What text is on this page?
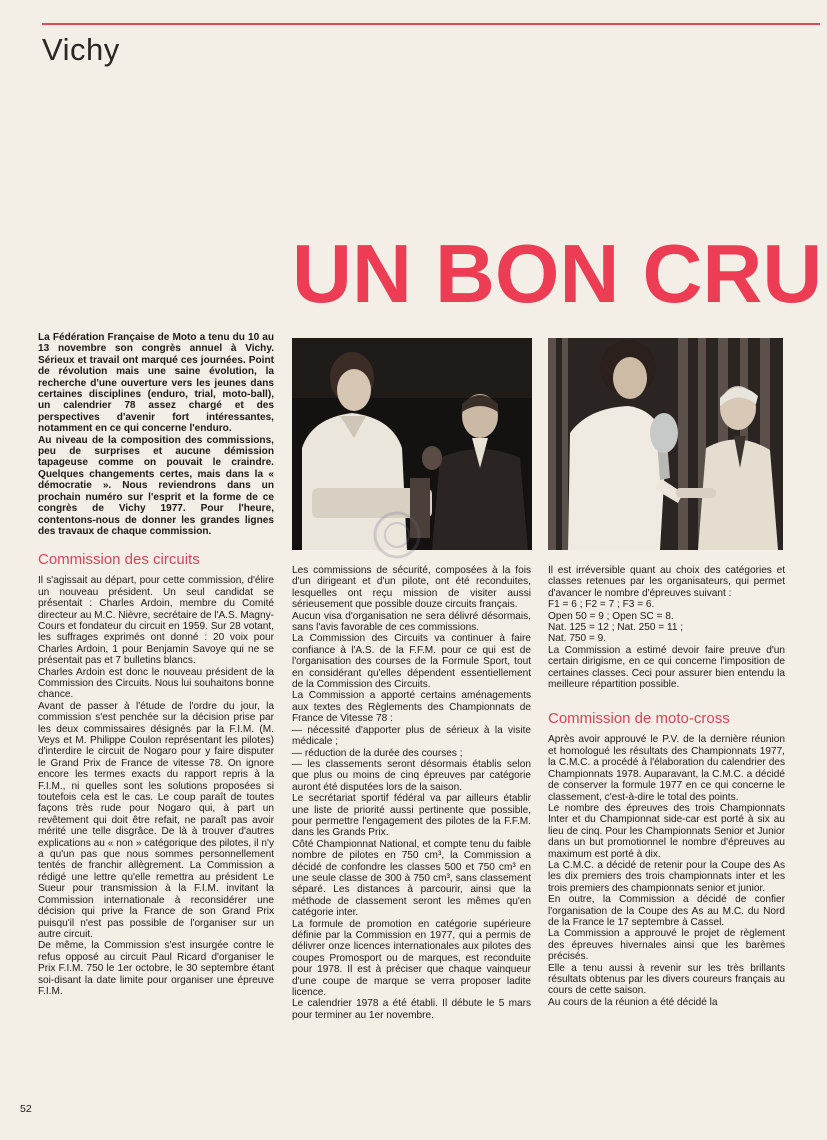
Vichy
UN BON CRU

La Fédération Française de Moto a tenu du 10 au 13 novembre son congrès annuel à Vichy. Sérieux et travail ont marqué ces journées. Point de révolution mais une saine évolution, la recherche d'une ouverture vers les jeunes dans certaines disciplines (enduro, trial, moto-ball), un calendrier 78 assez chargé et des perspectives d'avenir fort intéressantes, notamment en ce qui concerne l'enduro.

Au niveau de la composition des commissions, peu de surprises et aucune démission tapageuse comme on pouvait le craindre. Quelques changements certes, mais dans la « démocratie ». Nous reviendrons dans un prochain numéro sur l'esprit et la forme de ce congrès de Vichy 1977. Pour l'heure, contentons-nous de donner les grandes lignes des travaux de chaque commission.

Commission des circuits

Il s'agissait au départ, pour cette commission, d'élire un nouveau président. Un seul candidat se présentait : Charles Ardoin, membre du Comité directeur au M.C. Nièvre, secrétaire de l'A.S. Magny-Cours et fondateur du circuit en 1959. Sur 28 votant, les suffrages exprimés ont donné : 20 voix pour Charles Ardoin, 1 pour Benjamin Savoye qui ne se présentait pas et 7 bulletins blancs.

Charles Ardoin est donc le nouveau président de la Commission des Circuits. Nous lui souhaitons bonne chance.

Avant de passer à l'étude de l'ordre du jour, la commission s'est penchée sur la décision prise par les deux commissaires désignés par la F.I.M. (M. Veys et M. Philippe Coulon représentant les pilotes) d'interdire le circuit de Nogaro pour y faire disputer le Grand Prix de France de vitesse 78. On ignore encore les termes exacts du rapport repris à la F.I.M., ni quelles sont les solutions proposées si toutefois cela est le cas. Le coup paraît de toutes façons très rude pour Nogaro qui, à part un revêtement qui doit être refait, ne paraît pas avoir mérité une telle disgrâce. De là à trouver d'autres explications au « non » catégorique des pilotes, il n'y a qu'un pas que nous sommes personnellement tentés de franchir allègrement. La Commission a rédigé une lettre qu'elle remettra au président Le Sueur pour transmission à la F.I.M. invitant la Commission internationale à reconsidérer une décision qui prive la France de son Grand Prix puisqu'il n'est pas possible de l'organiser sur un autre circuit.

De même, la Commission s'est insurgée contre le refus opposé au circuit Paul Ricard d'organiser le Prix F.I.M. 750 le 1er octobre, le 30 septembre étant soi-disant la date limite pour organiser une épreuve F.I.M.

Les commissions de sécurité, composées à la fois d'un dirigeant et d'un pilote, ont été reconduites, lesquelles ont reçu mission de visiter aussi sérieusement que possible douze circuits français.

Aucun visa d'organisation ne sera délivré désormais, sans l'avis favorable de ces commissions.

La Commission des Circuits va continuer à faire confiance à l'A.S. de la F.F.M. pour ce qui est de l'organisation des courses de la Formule Sport, tout en considérant qu'elles dépendent essentiellement de la Commission des Circuits.

La Commission a apporté certains aménagements aux textes des Règlements des Championnats de France de Vitesse 78 :

— nécessité d'apporter plus de sérieux à la visite médicale ;

— réduction de la durée des courses ;

— les classements seront désormais établis selon que plus ou moins de cinq épreuves par catégorie auront été disputées lors de la saison.

Le secrétariat sportif fédéral va par ailleurs établir une liste de priorité aussi pertinente que possible, pour permettre l'engagement des pilotes de la F.F.M. dans les Grands Prix.

Côté Championnat National, et compte tenu du faible nombre de pilotes en 750 cm³, la Commission a décidé de confondre les classes 500 et 750 cm³ en une seule classe de 300 à 750 cm³, sans classement séparé. Les distances à parcourir, ainsi que la méthode de classement seront les mêmes qu'en catégorie inter.

La formule de promotion en catégorie supérieure définie par la Commission en 1977, qui a permis de délivrer onze licences internationales aux pilotes des coupes Promosport ou de marques, est reconduite pour 1978. Il est à préciser que chaque vainqueur d'une coupe de marque se verra proposer ladite licence.

Le calendrier 1978 a été établi. Il débute le 5 mars pour terminer au 1er novembre.

Il est irréversible quant au choix des catégories et classes retenues par les organisateurs, qui permet d'avancer le nombre d'épreuves suivant :

F1 = 6 ; F2 = 7 ; F3 = 6.

Open 50 = 9 ; Open SC = 8.

Nat. 125 = 12 ; Nat. 250 = 11 ;

Nat. 750 = 9.

La Commission a estimé devoir faire preuve d'un certain dirigisme, en ce qui concerne l'imposition de certaines classes. Ceci pour assurer bien entendu la meilleure répartition possible.

Commission de moto-cross

Après avoir approuvé le P.V. de la dernière réunion et homologué les résultats des Championnats 1977, la C.M.C. a procédé à l'élaboration du calendrier des Championnats 1978. Auparavant, la C.M.C. a décidé de conserver la formule 1977 en ce qui concerne le classement, c'est-à-dire le total des points.

Le nombre des épreuves des trois Championnats Inter et du Championnat side-car est porté à six au lieu de cinq. Pour les Championnats Senior et Junior dans un but promotionnel le nombre d'épreuves au maximum est porté à dix.

La C.M.C. a décidé de retenir pour la Coupe des As les dix premiers des trois championnats inter et les trois premiers des championnats senior et junior.

En outre, la Commission a décidé de confier l'organisation de la Coupe des As au M.C. du Nord de la France le 17 septembre à Cassel.

La Commission a approuvé le projet de règlement des épreuves hivernales ainsi que les barèmes précisés.

Elle a tenu aussi à revenir sur les très brillants résultats obtenus par les divers coureurs français au cours de cette saison.

Au cours de la réunion a été décidé la

52
